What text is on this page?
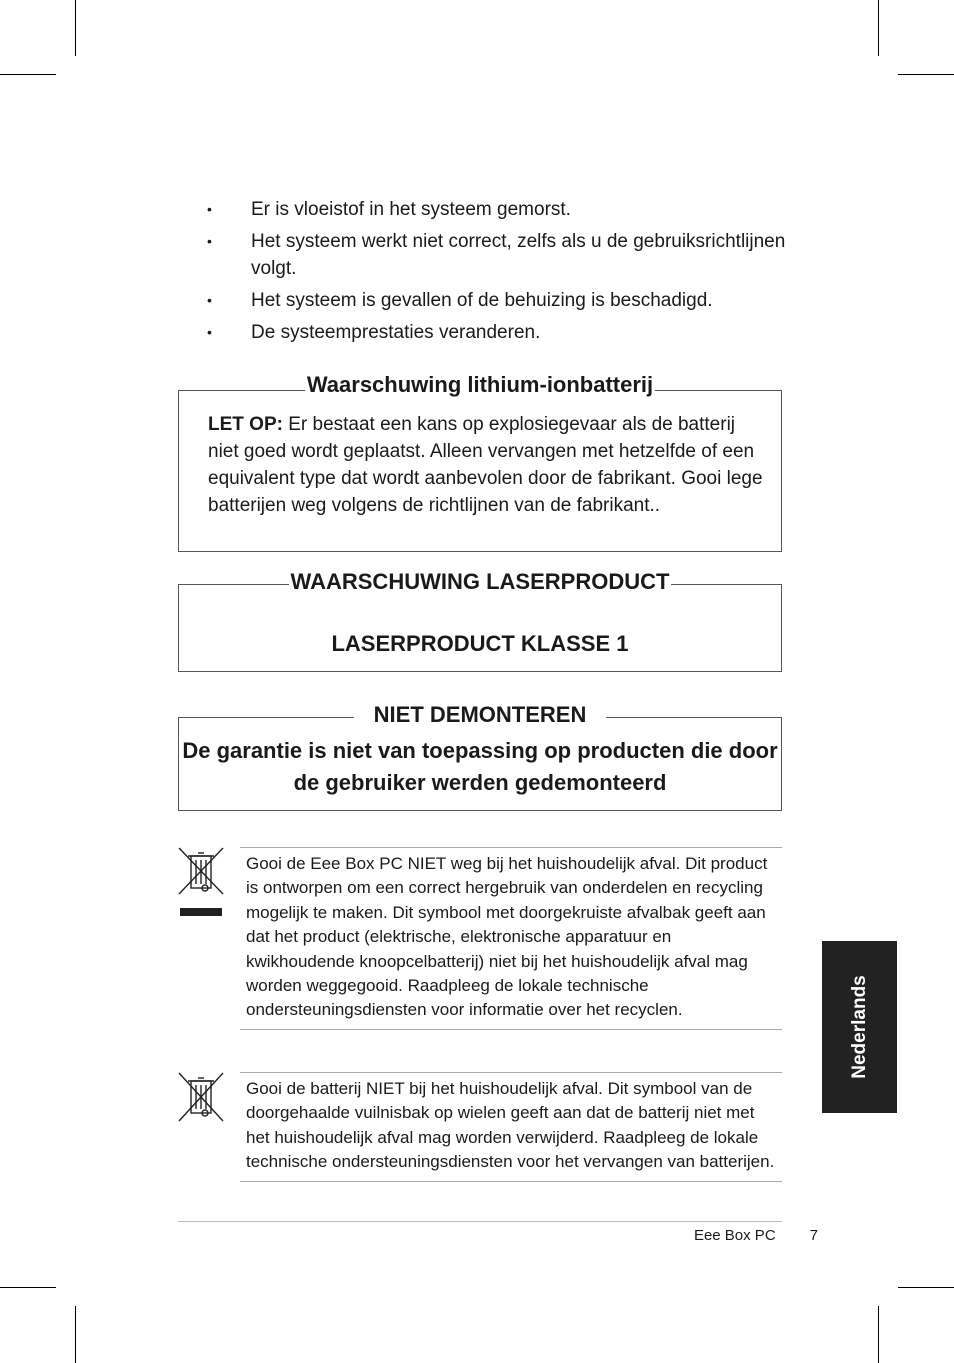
• Er is vloeistof in het systeem gemorst.
• Het systeem werkt niet correct, zelfs als u de gebruiksrichtlijnen volgt.
• Het systeem is gevallen of de behuizing is beschadigd.
• De systeemprestaties veranderen.
Waarschuwing lithium-ionbatterij
LET OP: Er bestaat een kans op explosiegevaar als de batterij niet goed wordt geplaatst. Alleen vervangen met hetzelfde of een equivalent type dat wordt aanbevolen door de fabrikant. Gooi lege batterijen weg volgens de richtlijnen van de fabrikant..
WAARSCHUWING LASERPRODUCT
LASERPRODUCT KLASSE 1
NIET DEMONTEREN
De garantie is niet van toepassing op producten die door de gebruiker werden gedemonteerd
Gooi de Eee Box PC NIET weg bij het huishoudelijk afval. Dit product is ontworpen om een correct hergebruik van onderdelen en recycling mogelijk te maken. Dit symbool met doorgekruiste afvalbak geeft aan dat het product (elektrische, elektronische apparatuur en kwikhoudende knoopcelbatterij) niet bij het huishoudelijk afval mag worden weggegooid. Raadpleeg de lokale technische ondersteuningsdiensten voor informatie over het recyclen.
Gooi de batterij NIET bij het huishoudelijk afval. Dit symbool van de doorgehaalde vuilnisbak op wielen geeft aan dat de batterij niet met het huishoudelijk afval mag worden verwijderd. Raadpleeg de lokale technische ondersteuningsdiensten voor het vervangen van batterijen.
Eee Box PC 7
Nederlands
